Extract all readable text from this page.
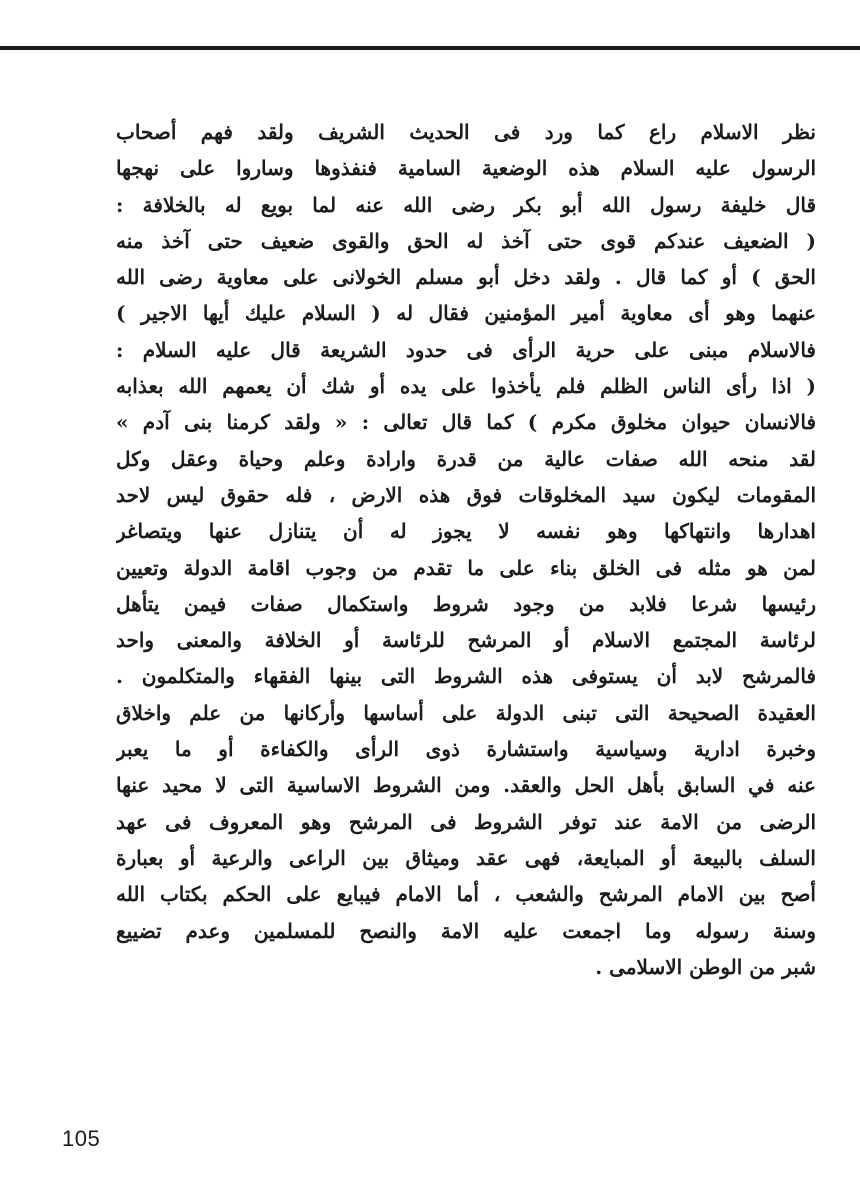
نظر الاسلام راع كما ورد فى الحديث الشريف ولقد فهم أصحاب
الرسول عليه السلام هذه الوضعية السامية فنفذوها وساروا على نهجها
قال خليفة رسول الله أبو بكر رضى الله عنه لما بويع له بالخلافة :
( الضعيف عندكم قوى حتى آخذ له الحق والقوى ضعيف حتى آخذ منه
الحق ) أو كما قال . ولقد دخل أبو مسلم الخولانى على معاوية رضى الله
عنهما وهو أى معاوية أمير المؤمنين فقال له ( السلام عليك أيها الاجير )
فالاسلام مبنى على حرية الرأى فى حدود الشريعة قال عليه السلام :
( اذا رأى الناس الظلم فلم يأخذوا على يده أو شك أن يعمهم الله بعذابه
فالانسان حيوان مخلوق مكرم ) كما قال تعالى : « ولقد كرمنا بنى آدم »
لقد منحه الله صفات عالية من قدرة وارادة وعلم وحياة وعقل وكل
المقومات ليكون سيد المخلوقات فوق هذه الارض ، فله حقوق ليس لاحد
اهدارها وانتهاكها وهو نفسه لا يجوز له أن يتنازل عنها ويتصاغر
لمن هو مثله فى الخلق بناء على ما تقدم من وجوب اقامة الدولة وتعيين
رئيسها شرعا فلابد من وجود شروط واستكمال صفات فيمن يتأهل
لرئاسة المجتمع الاسلام أو المرشح للرئاسة أو الخلافة والمعنى واحد
فالمرشح لابد أن يستوفى هذه الشروط التى بينها الفقهاء والمتكلمون .
العقيدة الصحيحة التى تبنى الدولة على أساسها وأركانها من علم واخلاق
وخبرة ادارية وسياسية واستشارة ذوى الرأى والكفاءة أو ما يعبر
عنه في السابق بأهل الحل والعقد. ومن الشروط الاساسية التى لا محيد عنها
الرضى من الامة عند توفر الشروط فى المرشح وهو المعروف فى عهد
السلف بالبيعة أو المبايعة، فهى عقد وميثاق بين الراعى والرعية أو بعبارة
أصح بين الامام المرشح والشعب ، أما الامام فيبايع على الحكم بكتاب الله
وسنة رسوله وما اجمعت عليه الامة والنصح للمسلمين وعدم تضييع
شبر من الوطن الاسلامى .
105
